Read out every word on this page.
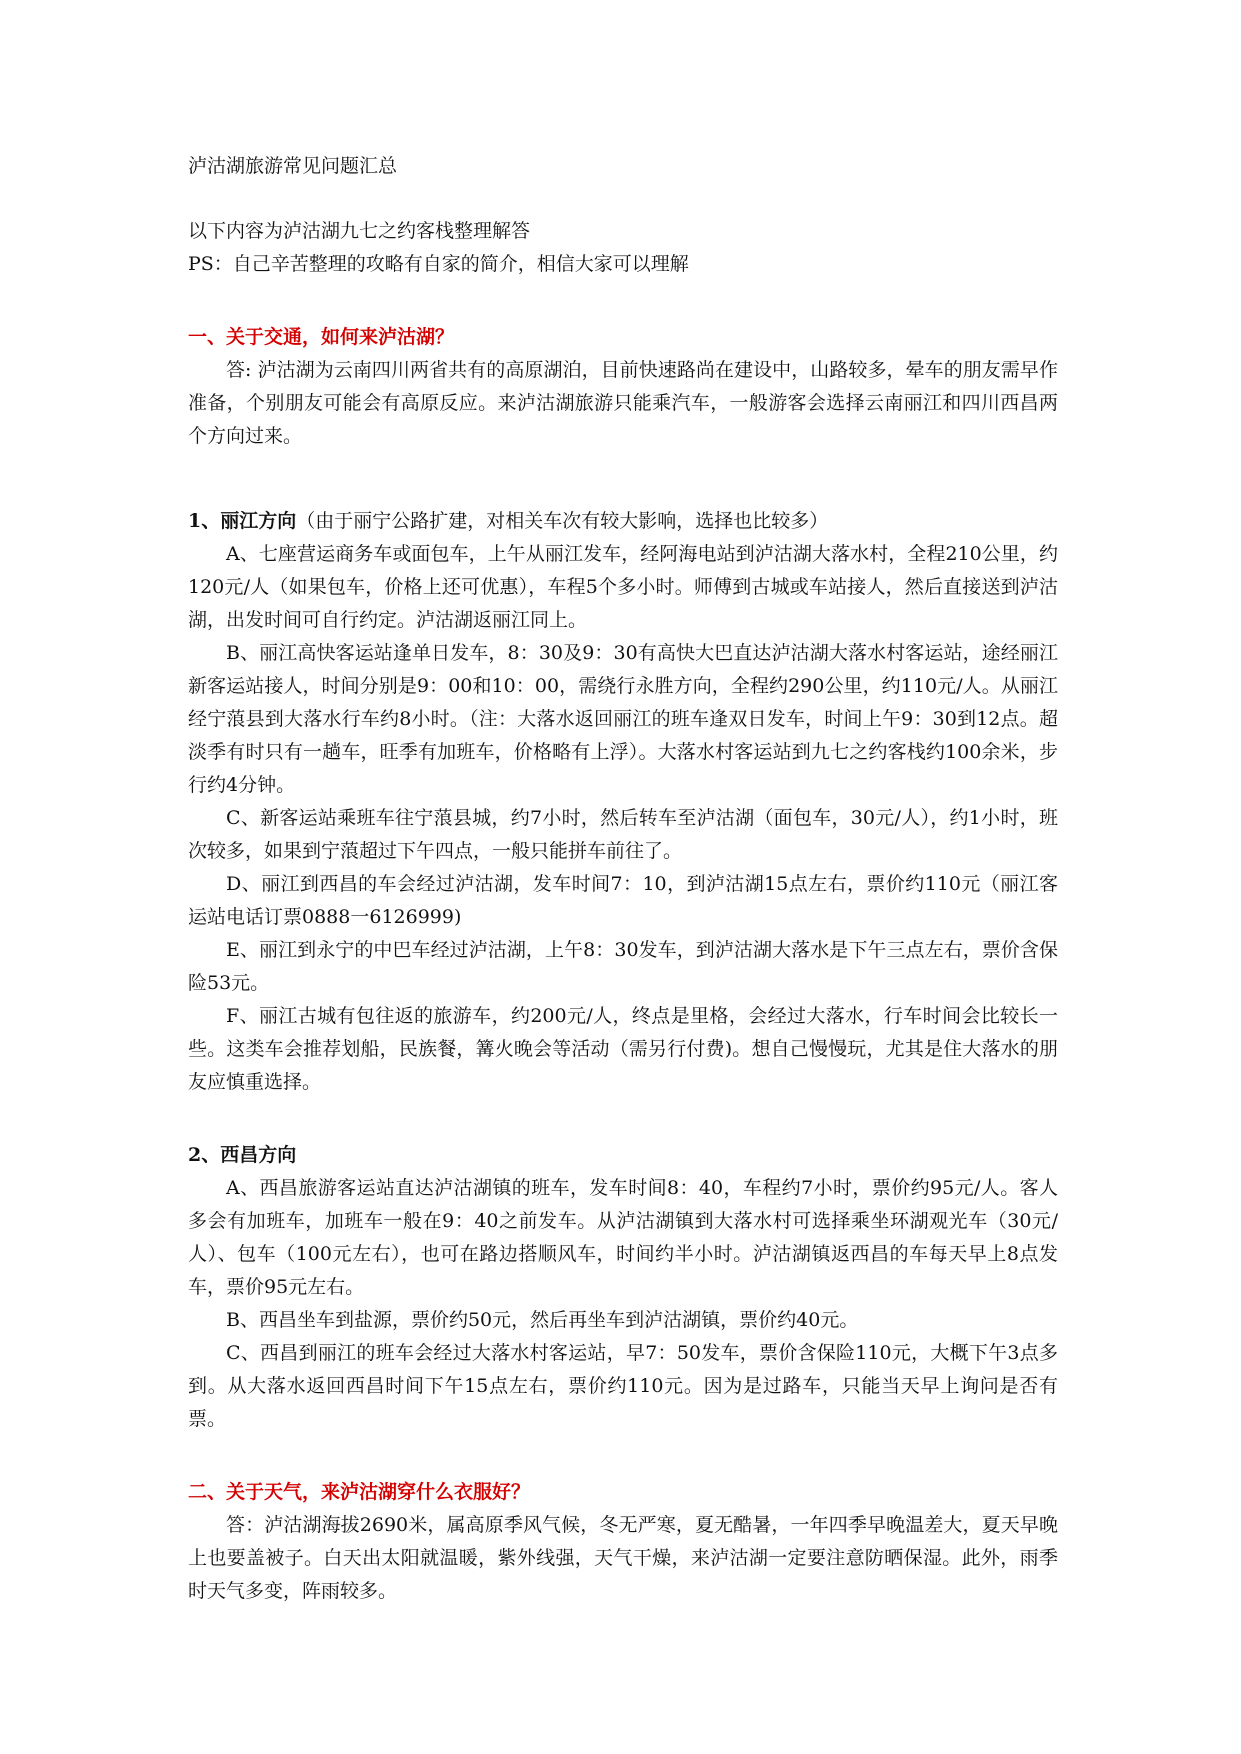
泸沽湖旅游常见问题汇总

以下内容为泸沽湖九七之约客栈整理解答

PS：自己辛苦整理的攻略有自家的简介，相信大家可以理解

一、关于交通，如何来泸沽湖？

答: 泸沽湖为云南四川两省共有的高原湖泊，目前快速路尚在建设中，山路较多，晕车的朋友需早作准备，个别朋友可能会有高原反应。来泸沽湖旅游只能乘汽车，一般游客会选择云南丽江和四川西昌两个方向过来。

1、丽江方向（由于丽宁公路扩建，对相关车次有较大影响，选择也比较多）

A、七座营运商务车或面包车，上午从丽江发车，经阿海电站到泸沽湖大落水村，全程210公里，约120元/人（如果包车，价格上还可优惠），车程5个多小时。师傅到古城或车站接人，然后直接送到泸沽湖，出发时间可自行约定。泸沽湖返丽江同上。

B、丽江高快客运站逢单日发车，8：30及9：30有高快大巴直达泸沽湖大落水村客运站，途经丽江新客运站接人，时间分别是9：00和10：00，需绕行永胜方向，全程约290公里，约110元/人。从丽江经宁蒗县到大落水行车约8小时。（注：大落水返回丽江的班车逢双日发车，时间上午9：30到12点。超淡季有时只有一趟车，旺季有加班车，价格略有上浮）。大落水村客运站到九七之约客栈约100余米，步行约4分钟。

C、新客运站乘班车往宁蒗县城，约7小时，然后转车至泸沽湖（面包车，30元/人），约1小时，班次较多，如果到宁蒗超过下午四点，一般只能拼车前往了。

D、丽江到西昌的车会经过泸沽湖，发车时间7：10，到泸沽湖15点左右，票价约110元（丽江客运站电话订票0888一6126999)

E、丽江到永宁的中巴车经过泸沽湖，上午8：30发车，到泸沽湖大落水是下午三点左右，票价含保险53元。

F、丽江古城有包往返的旅游车，约200元/人，终点是里格，会经过大落水，行车时间会比较长一些。这类车会推荐划船，民族餐，篝火晚会等活动（需另行付费)。想自己慢慢玩，尤其是住大落水的朋友应慎重选择。

2、西昌方向

A、西昌旅游客运站直达泸沽湖镇的班车，发车时间8：40，车程约7小时，票价约95元/人。客人多会有加班车，加班车一般在9：40之前发车。从泸沽湖镇到大落水村可选择乘坐环湖观光车（30元/人）、包车（100元左右），也可在路边搭顺风车，时间约半小时。泸沽湖镇返西昌的车每天早上8点发车，票价95元左右。

B、西昌坐车到盐源，票价约50元，然后再坐车到泸沽湖镇，票价约40元。

C、西昌到丽江的班车会经过大落水村客运站，早7：50发车，票价含保险110元，大概下午3点多到。从大落水返回西昌时间下午15点左右，票价约110元。因为是过路车，只能当天早上询问是否有票。

二、关于天气，来泸沽湖穿什么衣服好？

答：泸沽湖海拔2690米，属高原季风气候，冬无严寒，夏无酷暑，一年四季早晚温差大，夏天早晚上也要盖被子。白天出太阳就温暖，紫外线强，天气干燥，来泸沽湖一定要注意防晒保湿。此外，雨季时天气多变，阵雨较多。
